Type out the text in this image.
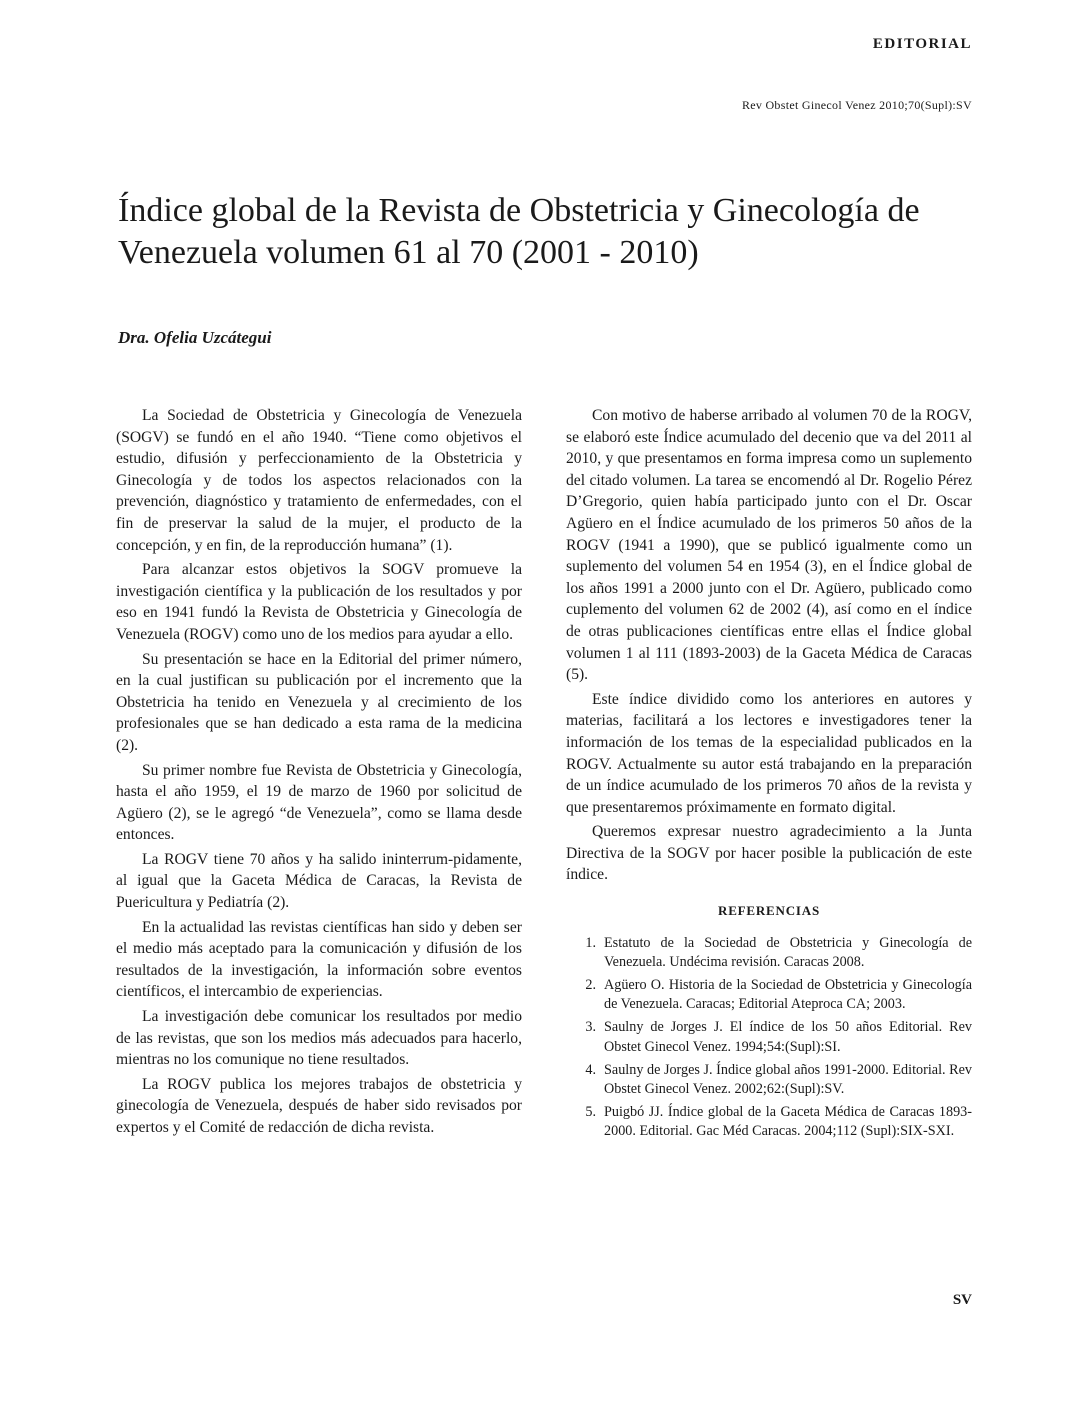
EDITORIAL
Rev Obstet Ginecol Venez 2010;70(Supl):SV
Índice global de la Revista de Obstetricia y Ginecología de
Venezuela volumen 61 al 70 (2001 - 2010)
Dra. Ofelia Uzcátegui

La Sociedad de Obstetricia y Ginecología de Venezuela (SOGV) se fundó en el año 1940. “Tiene como objetivos el estudio, difusión y perfeccionamiento de la Obstetricia y Ginecología y de todos los aspectos relacionados con la prevención, diagnóstico y tratamiento de enfermedades, con el fin de preservar la salud de la mujer, el producto de la concepción, y en fin, de la reproducción humana” (1).

Para alcanzar estos objetivos la SOGV promueve la investigación científica y la publicación de los resultados y por eso en 1941 fundó la Revista de Obstetricia y Ginecología de Venezuela (ROGV) como uno de los medios para ayudar a ello.

Su presentación se hace en la Editorial del primer número, en la cual justifican su publicación por el incremento que la Obstetricia ha tenido en Venezuela y al crecimiento de los profesionales que se han dedicado a esta rama de la medicina (2).

Su primer nombre fue Revista de Obstetricia y Ginecología, hasta el año 1959, el 19 de marzo de 1960 por solicitud de Agüero (2), se le agregó “de Venezuela”, como se llama desde entonces.

La ROGV tiene 70 años y ha salido ininterrum-pidamente, al igual que la Gaceta Médica de Caracas, la Revista de Puericultura y Pediatría (2).

En la actualidad las revistas científicas han sido y deben ser el medio más aceptado para la comunicación y difusión de los resultados de la investigación, la información sobre eventos científicos, el intercambio de experiencias.

La investigación debe comunicar los resultados por medio de las revistas, que son los medios más adecuados para hacerlo, mientras no los comunique no tiene resultados.

La ROGV publica los mejores trabajos de obstetricia y ginecología de Venezuela, después de haber sido revisados por expertos y el Comité de redacción de dicha revista.

Con motivo de haberse arribado al volumen 70 de la ROGV, se elaboró este Índice acumulado del decenio que va del 2011 al 2010, y que presentamos en forma impresa como un suplemento del citado volumen. La tarea se encomendó al Dr. Rogelio Pérez D’Gregorio, quien había participado junto con el Dr. Oscar Agüero en el Índice acumulado de los primeros 50 años de la ROGV (1941 a 1990), que se publicó igualmente como un suplemento del volumen 54 en 1954 (3), en el Índice global de los años 1991 a 2000 junto con el Dr. Agüero, publicado como cuplemento del volumen 62 de 2002 (4), así como en el índice de otras publicaciones científicas entre ellas el Índice global volumen 1 al 111 (1893-2003) de la Gaceta Médica de Caracas (5).

Este índice dividido como los anteriores en autores y materias, facilitará a los lectores e investigadores tener la información de los temas de la especialidad publicados en la ROGV. Actualmente su autor está trabajando en la preparación de un índice acumulado de los primeros 70 años de la revista y que presentaremos próximamente en formato digital.

Queremos expresar nuestro agradecimiento a la Junta Directiva de la SOGV por hacer posible la publicación de este índice.

REFERENCIAS
1. Estatuto de la Sociedad de Obstetricia y Ginecología de Venezuela. Undécima revisión. Caracas 2008.
2. Agüero O. Historia de la Sociedad de Obstetricia y Ginecología de Venezuela. Caracas; Editorial Ateproca CA; 2003.
3. Saulny de Jorges J. El índice de los 50 años Editorial. Rev Obstet Ginecol Venez. 1994;54:(Supl):SI.
4. Saulny de Jorges J. Índice global años 1991-2000. Editorial. Rev Obstet Ginecol Venez. 2002;62:(Supl):SV.
5. Puigbó JJ. Índice global de la Gaceta Médica de Caracas 1893-2000. Editorial. Gac Méd Caracas. 2004;112 (Supl):SIX-SXI.
SV
